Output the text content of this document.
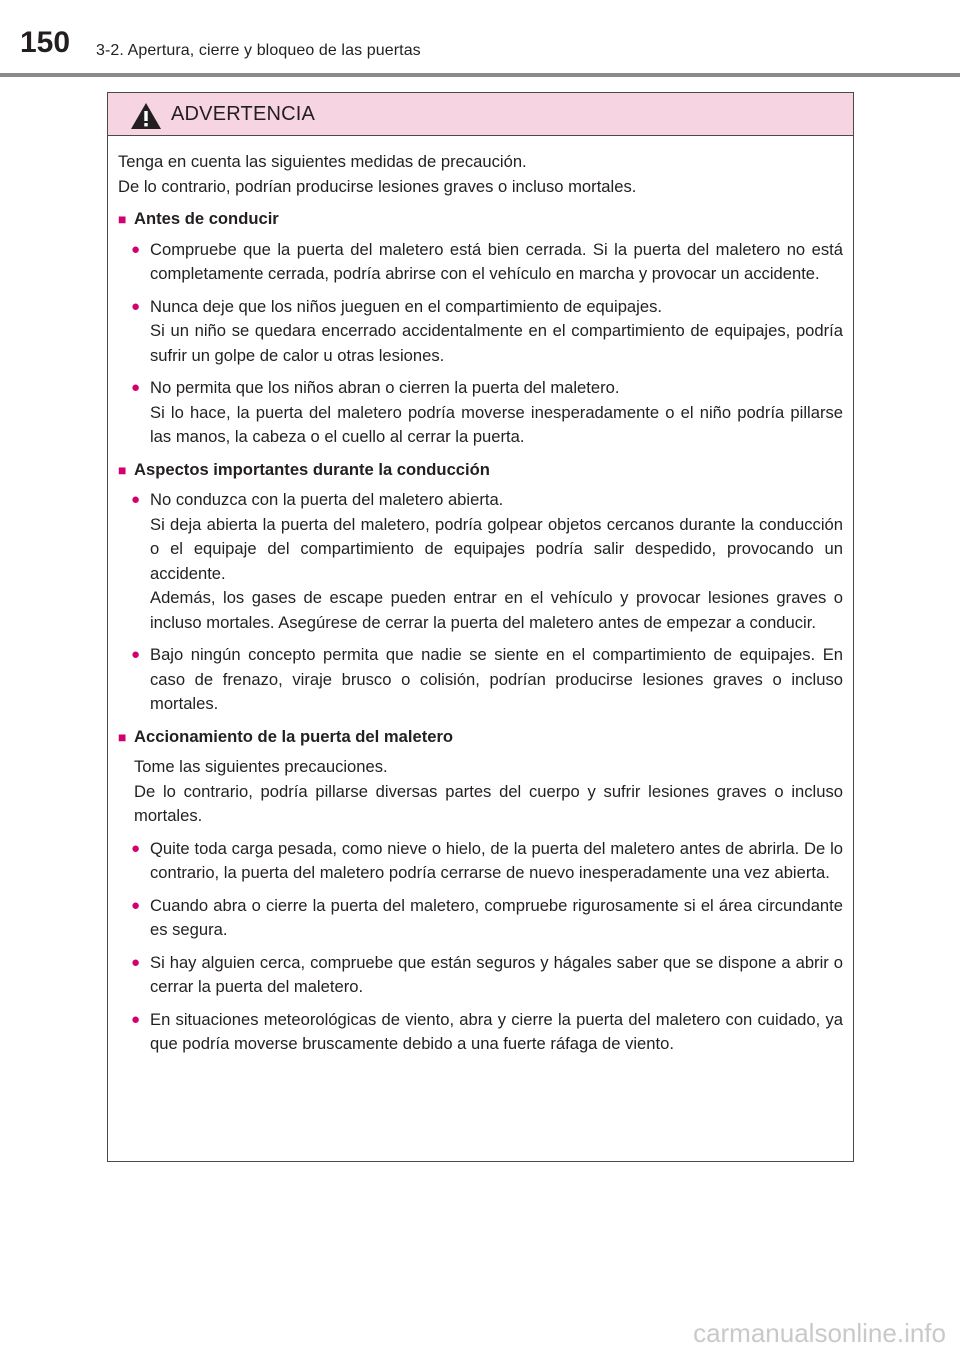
150 3-2. Apertura, cierre y bloqueo de las puertas
ADVERTENCIA

Tenga en cuenta las siguientes medidas de precaución.
De lo contrario, podrían producirse lesiones graves o incluso mortales.

■ Antes de conducir
● Compruebe que la puerta del maletero está bien cerrada. Si la puerta del maletero no está completamente cerrada, podría abrirse con el vehículo en marcha y provocar un accidente.
● Nunca deje que los niños jueguen en el compartimiento de equipajes.
Si un niño se quedara encerrado accidentalmente en el compartimiento de equipajes, podría sufrir un golpe de calor u otras lesiones.
● No permita que los niños abran o cierren la puerta del maletero.
Si lo hace, la puerta del maletero podría moverse inesperadamente o el niño podría pillarse las manos, la cabeza o el cuello al cerrar la puerta.
■ Aspectos importantes durante la conducción
● No conduzca con la puerta del maletero abierta.
Si deja abierta la puerta del maletero, podría golpear objetos cercanos durante la conducción o el equipaje del compartimiento de equipajes podría salir despedido, provocando un accidente.
Además, los gases de escape pueden entrar en el vehículo y provocar lesiones graves o incluso mortales. Asegúrese de cerrar la puerta del maletero antes de empezar a conducir.
● Bajo ningún concepto permita que nadie se siente en el compartimiento de equipajes. En caso de frenazo, viraje brusco o colisión, podrían producirse lesiones graves o incluso mortales.
■ Accionamiento de la puerta del maletero
Tome las siguientes precauciones.
De lo contrario, podría pillarse diversas partes del cuerpo y sufrir lesiones graves o incluso mortales.
● Quite toda carga pesada, como nieve o hielo, de la puerta del maletero antes de abrirla. De lo contrario, la puerta del maletero podría cerrarse de nuevo inesperadamente una vez abierta.
● Cuando abra o cierre la puerta del maletero, compruebe rigurosamente si el área circundante es segura.
● Si hay alguien cerca, compruebe que están seguros y hágales saber que se dispone a abrir o cerrar la puerta del maletero.
● En situaciones meteorológicas de viento, abra y cierre la puerta del maletero con cuidado, ya que podría moverse bruscamente debido a una fuerte ráfaga de viento.
carmanualsonline.info
